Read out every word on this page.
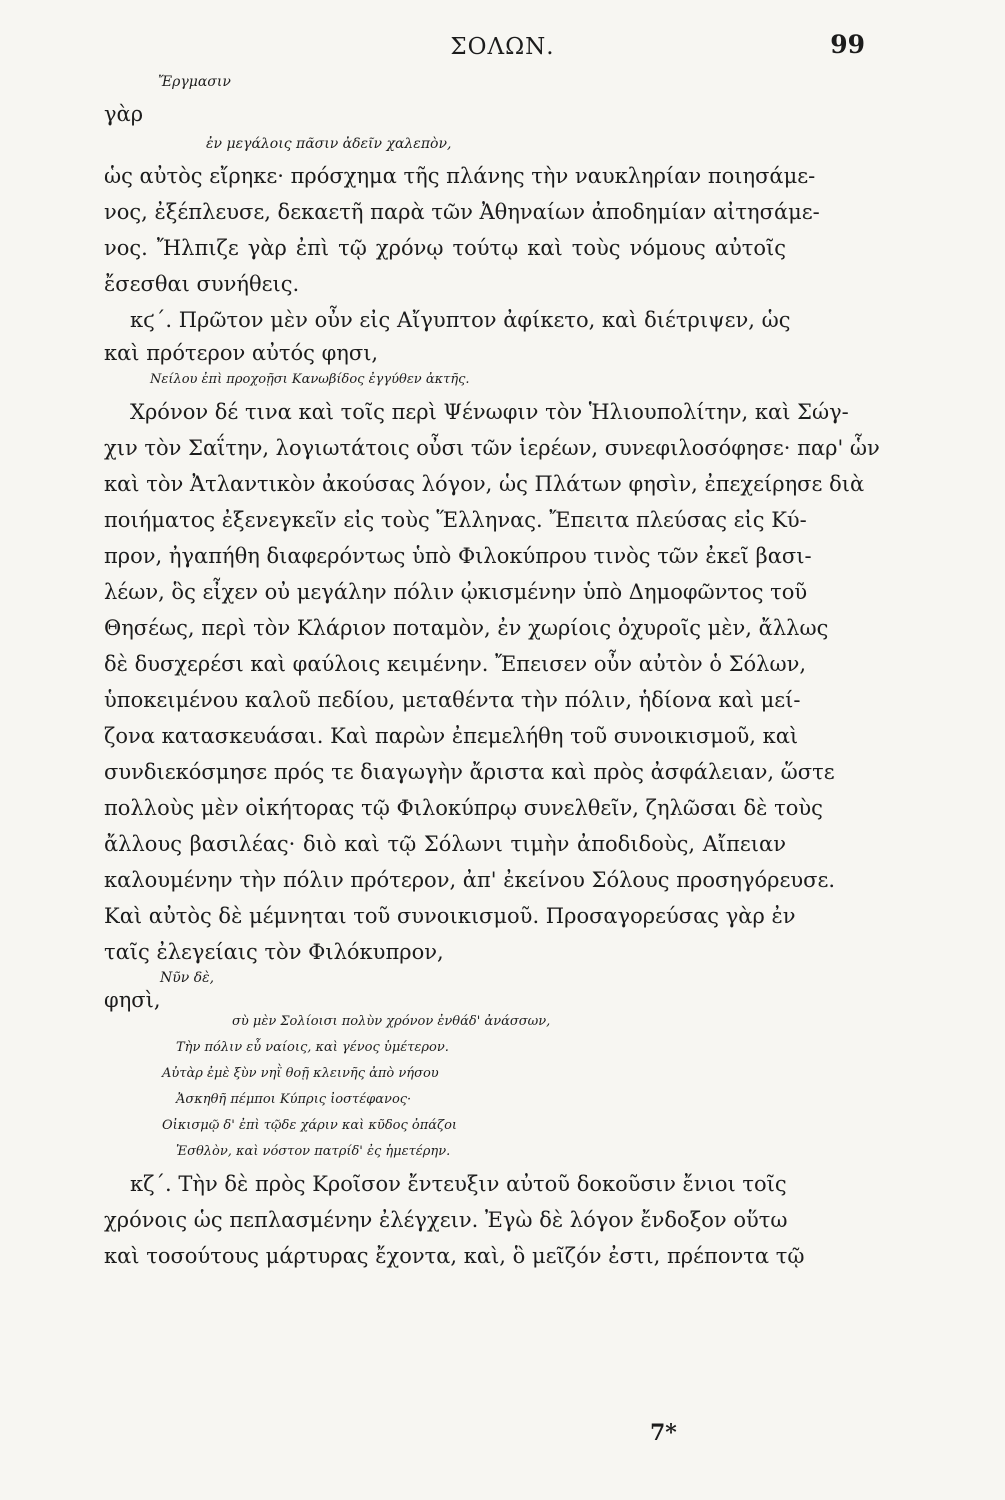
ΣΟΛΩΝ.	99
Ἔργμασιν
γὰρ
ἐν μεγάλοις πᾶσιν ἀδεῖν χαλεπὸν,
ὡς αὐτὸς εἴρηκε· πρόσχημα τῆς πλάνης τὴν ναυκληρίαν ποιησάμε-
νος, ἐξέπλευσε, δεκαετῆ παρὰ τῶν Ἀθηναίων ἀποδημίαν αἰτησάμε-
νος. Ἤλπιζε γὰρ ἐπὶ τῷ χρόνῳ τούτῳ καὶ τοὺς νόμους αὐτοῖς
ἔσεσθαι συνήθεις.
κϛ΄. Πρῶτον μὲν οὖν εἰς Αἴγυπτον ἀφίκετο, καὶ διέτριψεν, ὡς
καὶ πρότερον αὐτός φησι,
Νείλου ἐπὶ προχοῇσι Κανωβίδος ἐγγύθεν ἀκτῆς.
Χρόνον δέ τινα καὶ τοῖς περὶ Ψένωφιν τὸν Ἡλιουπολίτην, καὶ Σώγ-
χιν τὸν Σαΐτην, λογιωτάτοις οὖσι τῶν ἱερέων, συνεφιλοσόφησε· παρ' ὧν
καὶ τὸν Ἀτλαντικὸν ἀκούσας λόγον, ὡς Πλάτων φησὶν, ἐπεχείρησε διὰ
ποιήματος ἐξενεγκεῖν εἰς τοὺς Ἕλληνας. Ἔπειτα πλεύσας εἰς Κύ-
προν, ἠγαπήθη διαφερόντως ὑπὸ Φιλοκύπρου τινὸς τῶν ἐκεῖ βασι-
λέων, ὃς εἶχεν οὐ μεγάλην πόλιν ᾠκισμένην ὑπὸ Δημοφῶντος τοῦ
Θησέως, περὶ τὸν Κλάριον ποταμὸν, ἐν χωρίοις ὀχυροῖς μὲν, ἄλλως
δὲ δυσχερέσι καὶ φαύλοις κειμένην. Ἔπεισεν οὖν αὐτὸν ὁ Σόλων,
ὑποκειμένου καλοῦ πεδίου, μεταθέντα τὴν πόλιν, ἡδίονα καὶ μεί-
ζονα κατασκευάσαι. Καὶ παρὼν ἐπεμελήθη τοῦ συνοικισμοῦ, καὶ
συνδιεκόσμησε πρός τε διαγωγὴν ἄριστα καὶ πρὸς ἀσφάλειαν, ὥστε
πολλοὺς μὲν οἰκήτορας τῷ Φιλοκύπρῳ συνελθεῖν, ζηλῶσαι δὲ τοὺς
ἄλλους βασιλέας· διὸ καὶ τῷ Σόλωνι τιμὴν ἀποδιδοὺς, Αἴπειαν
καλουμένην τὴν πόλιν πρότερον, ἀπ' ἐκείνου Σόλους προσηγόρευσε.
Καὶ αὐτὸς δὲ μέμνηται τοῦ συνοικισμοῦ. Προσαγορεύσας γὰρ ἐν
ταῖς ἐλεγείαις τὸν Φιλόκυπρον,
Νῦν δὲ,
φησὶ,
σὺ μὲν Σολίοισι πολὺν χρόνον ἐνθάδ' ἀνάσσων,
Τὴν πόλιν εὖ ναίοις, καὶ γένος ὑμέτερον.
Αὐτὰρ ἐμὲ ξὺν νηῒ θοῇ κλεινῆς ἀπὸ νήσου
Ἀσκηθῆ πέμποι Κύπρις ἰοστέφανος·
Οἰκισμῷ δ' ἐπὶ τῷδε χάριν καὶ κῦδος ὀπάζοι
Ἐσθλὸν, καὶ νόστον πατρίδ' ἐς ἡμετέρην.
κζ΄. Τὴν δὲ πρὸς Κροῖσον ἔντευξιν αὐτοῦ δοκοῦσιν ἔνιοι τοῖς
χρόνοις ὡς πεπλασμένην ἐλέγχειν. Ἐγὼ δὲ λόγον ἔνδοξον οὕτω
καὶ τοσούτους μάρτυρας ἔχοντα, καὶ, ὃ μεῖζόν ἐστι, πρέποντα τῷ
7*
